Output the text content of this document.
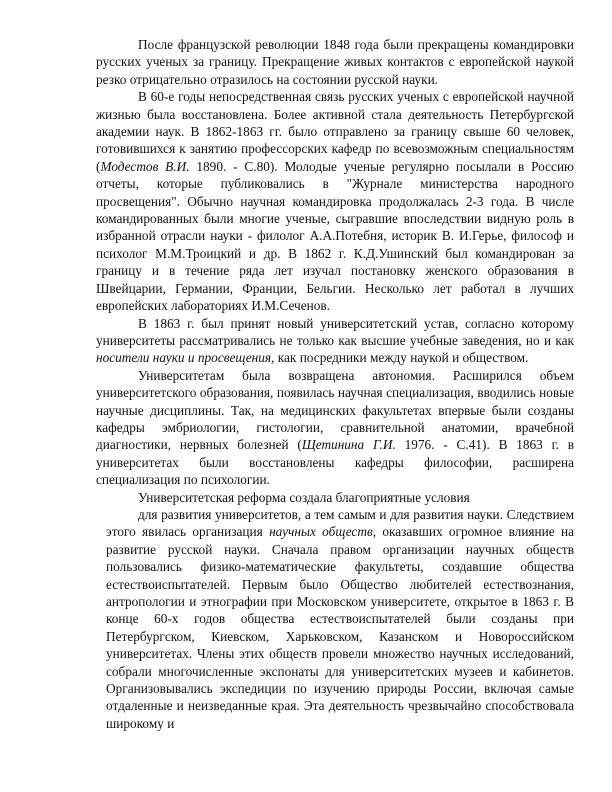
После французской революции 1848 года были прекращены командировки русских ученых за границу. Прекращение живых контактов с европейской наукой резко отрицательно отразилось на состоянии русской науки.

В 60-е годы непосредственная связь русских ученых с европейской научной жизнью была восстановлена. Более активной стала деятельность Петербургской академии наук. В 1862-1863 гг. было отправлено за границу свыше 60 человек, готовившихся к занятию профессорских кафедр по всевозможным специальностям (Модестов В.И. 1890. - С.80). Молодые ученые регулярно посылали в Россию отчеты, которые публиковались в "Журнале министерства народного просвещения". Обычно научная командировка продолжалась 2-3 года. В числе командированных были многие ученые, сыгравшие впоследствии видную роль в избранной отрасли науки - филолог А.А.Потебня, историк В. И.Герье, философ и психолог М.М.Троицкий и др. В 1862 г. К.Д.Ушинский был командирован за границу и в течение ряда лет изучал постановку женского образования в Швейцарии, Германии, Франции, Бельгии. Несколько лет работал в лучших европейских лабораториях И.М.Сеченов.

В 1863 г. был принят новый университетский устав, согласно которому университеты рассматривались не только как высшие учебные заведения, но и как носители науки и просвещения, как посредники между наукой и обществом.

Университетам была возвращена автономия. Расширился объем университетского образования, появилась научная специализация, вводились новые научные дисциплины. Так, на медицинских факультетах впервые были созданы кафедры эмбриологии, гистологии, сравнительной анатомии, врачебной диагностики, нервных болезней (Щетинина Г.И. 1976. - С.41). В 1863 г. в университетах были восстановлены кафедры философии, расширена специализация по психологии.

Университетская реформа создала благоприятные условия

для развития университетов, а тем самым и для развития науки. Следствием этого явилась организация научных обществ, оказавших огромное влияние на развитие русской науки. Сначала правом организации научных обществ пользовались физико-математические факультеты, создавшие общества естествоиспытателей. Первым было Общество любителей естествознания, антропологии и этнографии при Московском университете, открытое в 1863 г. В конце 60-х годов общества естествоиспытателей были созданы при Петербургском, Киевском, Харьковском, Казанском и Новороссийском университетах. Члены этих обществ провели множество научных исследований, собрали многочисленные экспонаты для университетских музеев и кабинетов. Организовывались экспедиции по изучению природы России, включая самые отдаленные и неизведанные края. Эта деятельность чрезвычайно способствовала широкому и
